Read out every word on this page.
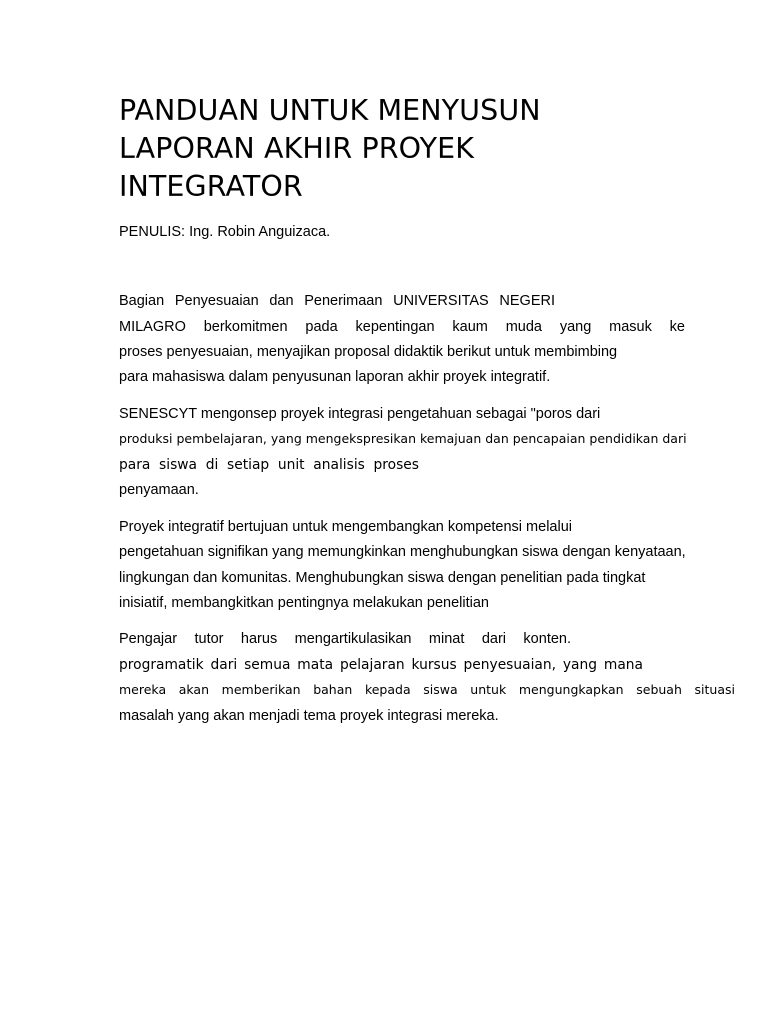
PANDUAN UNTUK MENYUSUN
LAPORAN AKHIR PROYEK
INTEGRATOR
PENULIS: Ing. Robin Anguizaca.
Bagian Penyesuaian dan Penerimaan UNIVERSITAS NEGERI
MILAGRO berkomitmen pada kepentingan kaum muda yang masuk ke
proses penyesuaian, menyajikan proposal didaktik berikut untuk membimbing
para mahasiswa dalam penyusunan laporan akhir proyek integratif.
SENESCYT mengonsep proyek integrasi pengetahuan sebagai "poros dari
produksi pembelajaran, yang mengekspresikan kemajuan dan pencapaian pendidikan dari
para siswa di setiap unit analisis proses
penyamaan.
Proyek integratif bertujuan untuk mengembangkan kompetensi melalui
pengetahuan signifikan yang memungkinkan menghubungkan siswa dengan kenyataan,
lingkungan dan komunitas. Menghubungkan siswa dengan penelitian pada tingkat
inisiatif, membangkitkan pentingnya melakukan penelitian
Pengajar tutor harus mengartikulasikan minat dari konten.
programatik dari semua mata pelajaran kursus penyesuaian, yang mana
mereka akan memberikan bahan kepada siswa untuk mengungkapkan sebuah situasi
masalah yang akan menjadi tema proyek integrasi mereka.
